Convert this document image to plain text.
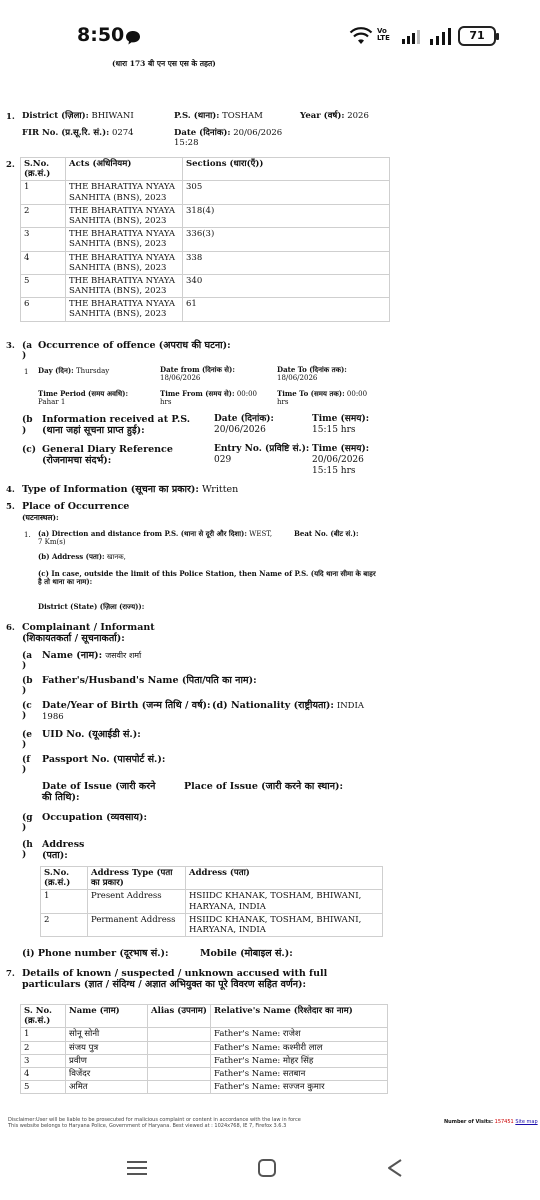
8:50	Vo
LTE	71
(धारा 173 बी एन एस एस के तहत)
1. District (ज़िला): BHIWANI	P.S. (थाना): TOSHAM	Year (वर्ष): 2026
FIR No. (प्र.सू.रि. सं.): 0274	Date (दिनांक): 20/06/2026
15:28
2. S.No. (क्र.सं.)	Acts (अधिनियम)	Sections (धारा(एँ))
1	THE BHARATIYA NYAYA SANHITA (BNS), 2023	305
2	THE BHARATIYA NYAYA SANHITA (BNS), 2023	318(4)
3	THE BHARATIYA NYAYA SANHITA (BNS), 2023	336(3)
4	THE BHARATIYA NYAYA SANHITA (BNS), 2023	338
5	THE BHARATIYA NYAYA SANHITA (BNS), 2023	340
6	THE BHARATIYA NYAYA SANHITA (BNS), 2023	61
3. (a
)
Occurrence of offence (अपराध की घटना):
1 Day (दिन): Thursday	Date from (दिनांक से):
18/06/2026
Date To (दिनांक तक):
18/06/2026
Time Period (समय अवधि):
Pahar 1
Time From (समय से): 00:00
hrs
Time To (समय तक): 00:00
hrs
(b
)
Information received at P.S. (थाना जहां सूचना प्राप्त हुई):
Date (दिनांक):
20/06/2026
Time (समय):
15:15 hrs
(c) General Diary Reference (रोजनामचा संदर्भ):
Entry No. (प्रविष्टि सं.):
029
Time (समय):
20/06/2026
15:15 hrs
4. Type of Information (सूचना का प्रकार): Written
5. Place of Occurrence
(घटनास्थल):
1. (a) Direction and distance from P.S. (थाना से दूरी और दिशा): WEST, 7 Km(s)
Beat No. (बीट सं.):
(b) Address (पता): खानक,
(c) In case, outside the limit of this Police Station, then Name of P.S. (यदि थाना सीमा के बाहर है तो थाना का नाम):
District (State) (ज़िला (राज्य)):
6. Complainant / Informant (शिकायतकर्ता / सूचनाकर्ता):
(a
)
Name (नाम): जसवीर शर्मा
(b
)
Father's/Husband's Name (पिता/पति का नाम):
(c
)
Date/Year of Birth (जन्म तिथि / वर्ष):
1986
(d) Nationality (राष्ट्रीयता): INDIA
(e
)
UID No. (यूआईडी सं.):
(f
)
Passport No. (पासपोर्ट सं.):
Date of Issue (जारी करने की तिथि):
Place of Issue (जारी करने का स्थान):
(g
)
Occupation (व्यवसाय):
(h
)
Address
(पता):
S.No. (क्र.सं.)	Address Type (पता का प्रकार)	Address (पता)
1	Present Address	HSIIDC KHANAK, TOSHAM, BHIWANI, HARYANA, INDIA
2	Permanent Address	HSIIDC KHANAK, TOSHAM, BHIWANI, HARYANA, INDIA
(i) Phone number (दूरभाष सं.):	Mobile (मोबाइल सं.):
7. Details of known / suspected / unknown accused with full particulars (ज्ञात / संदिग्ध / अज्ञात अभियुक्त का पूरे विवरण सहित वर्णन):
S. No. (क्र.सं.)	Name (नाम)	Alias (उपनाम)	Relative's Name (रिश्तेदार का नाम)
1	सोनू सोनी		Father's Name: राजेश
2	संजय पुत्र		Father's Name: कश्मीरी लाल
3	प्रवीण		Father's Name: मोहर सिंह
4	विजेंदर		Father's Name: सतबान
5	अमित		Father's Name: सज्जन कुमार
Disclaimer:User will be liable to be prosecuted for malicious complaint or content in accordance with the law in force
This website belongs to Haryana Police, Government of Haryana. Best viewed at : 1024x768, IE 7, Firefox 3.6.3
Number of Visits: 157451 Site map
